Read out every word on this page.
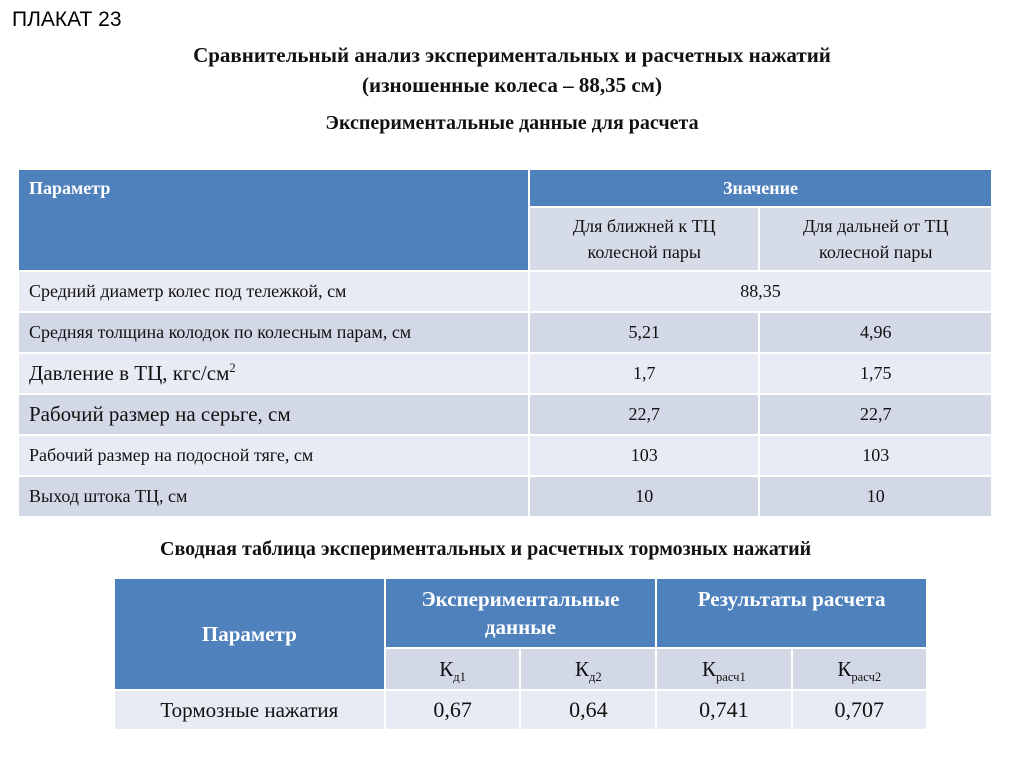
ПЛАКАТ 23
Сравнительный анализ экспериментальных и расчетных нажатий
(изношенные колеса – 88,35 см)
Экспериментальные данные для расчета
Параметр	Значение	
	Для ближней к ТЦ колесной пары	Для дальней от ТЦ колесной пары
Средний диаметр колес под тележкой, см	88,35	
Средняя толщина колодок по колесным парам, см	5,21	4,96
Давление в ТЦ, кгс/$см^2$	1,7	1,75
Рабочий размер на серьге, см	22,7	22,7
Рабочий размер на подосной тяге, см	103	103
Выход штока ТЦ, см	10	10
Сводная таблица экспериментальных и расчетных тормозных нажатий
Параметр	Экспериментальные данные		Результаты расчета	
	$К_{д1}$	$К_{д2}$	$К_{расч1}$	$К_{расч2}$
Тормозные нажатия	0,67	0,64	0,741	0,707
